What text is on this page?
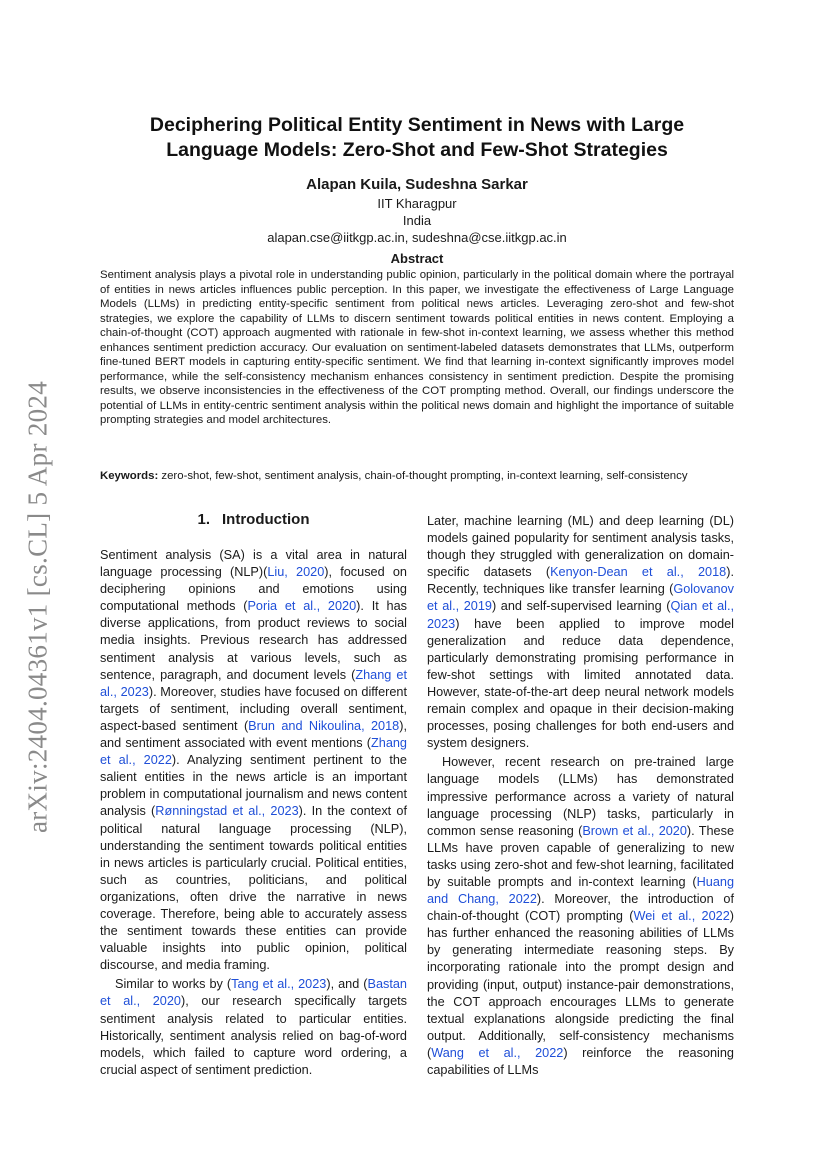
arXiv:2404.04361v1 [cs.CL] 5 Apr 2024
Deciphering Political Entity Sentiment in News with Large
Language Models: Zero-Shot and Few-Shot Strategies
Alapan Kuila, Sudeshna Sarkar
IIT Kharagpur
India
alapan.cse@iitkgp.ac.in, sudeshna@cse.iitkgp.ac.in
Abstract
Sentiment analysis plays a pivotal role in understanding public opinion, particularly in the political domain where the portrayal of entities in news articles influences public perception. In this paper, we investigate the effectiveness of Large Language Models (LLMs) in predicting entity-specific sentiment from political news articles. Leveraging zero-shot and few-shot strategies, we explore the capability of LLMs to discern sentiment towards political entities in news content. Employing a chain-of-thought (COT) approach augmented with rationale in few-shot in-context learning, we assess whether this method enhances sentiment prediction accuracy. Our evaluation on sentiment-labeled datasets demonstrates that LLMs, outperform fine-tuned BERT models in capturing entity-specific sentiment. We find that learning in-context significantly improves model performance, while the self-consistency mechanism enhances consistency in sentiment prediction. Despite the promising results, we observe inconsistencies in the effectiveness of the COT prompting method. Overall, our findings underscore the potential of LLMs in entity-centric sentiment analysis within the political news domain and highlight the importance of suitable prompting strategies and model architectures.
Keywords: zero-shot, few-shot, sentiment analysis, chain-of-thought prompting, in-context learning, self-consistency
1. Introduction

Sentiment analysis (SA) is a vital area in natural language processing (NLP)(Liu, 2020), focused on deciphering opinions and emotions using computational methods (Poria et al., 2020). It has diverse applications, from product reviews to social media insights. Previous research has addressed sentiment analysis at various levels, such as sentence, paragraph, and document levels (Zhang et al., 2023). Moreover, studies have focused on different targets of sentiment, including overall sentiment, aspect-based sentiment (Brun and Nikoulina, 2018), and sentiment associated with event mentions (Zhang et al., 2022). Analyzing sentiment pertinent to the salient entities in the news article is an important problem in computational journalism and news content analysis (Rønningstad et al., 2023). In the context of political natural language processing (NLP), understanding the sentiment towards political entities in news articles is particularly crucial. Political entities, such as countries, politicians, and political organizations, often drive the narrative in news coverage. Therefore, being able to accurately assess the sentiment towards these entities can provide valuable insights into public opinion, political discourse, and media framing.

Similar to works by (Tang et al., 2023), and (Bastan et al., 2020), our research specifically targets sentiment analysis related to particular entities. Historically, sentiment analysis relied on bag-of-word models, which failed to capture word ordering, a crucial aspect of sentiment prediction.

Later, machine learning (ML) and deep learning (DL) models gained popularity for sentiment analysis tasks, though they struggled with generalization on domain-specific datasets (Kenyon-Dean et al., 2018). Recently, techniques like transfer learning (Golovanov et al., 2019) and self-supervised learning (Qian et al., 2023) have been applied to improve model generalization and reduce data dependence, particularly demonstrating promising performance in few-shot settings with limited annotated data. However, state-of-the-art deep neural network models remain complex and opaque in their decision-making processes, posing challenges for both end-users and system designers.

However, recent research on pre-trained large language models (LLMs) has demonstrated impressive performance across a variety of natural language processing (NLP) tasks, particularly in common sense reasoning (Brown et al., 2020). These LLMs have proven capable of generalizing to new tasks using zero-shot and few-shot learning, facilitated by suitable prompts and in-context learning (Huang and Chang, 2022). Moreover, the introduction of chain-of-thought (COT) prompting (Wei et al., 2022) has further enhanced the reasoning abilities of LLMs by generating intermediate reasoning steps. By incorporating rationale into the prompt design and providing (input, output) instance-pair demonstrations, the COT approach encourages LLMs to generate textual explanations alongside predicting the final output. Additionally, self-consistency mechanisms (Wang et al., 2022) reinforce the reasoning capabilities of LLMs
